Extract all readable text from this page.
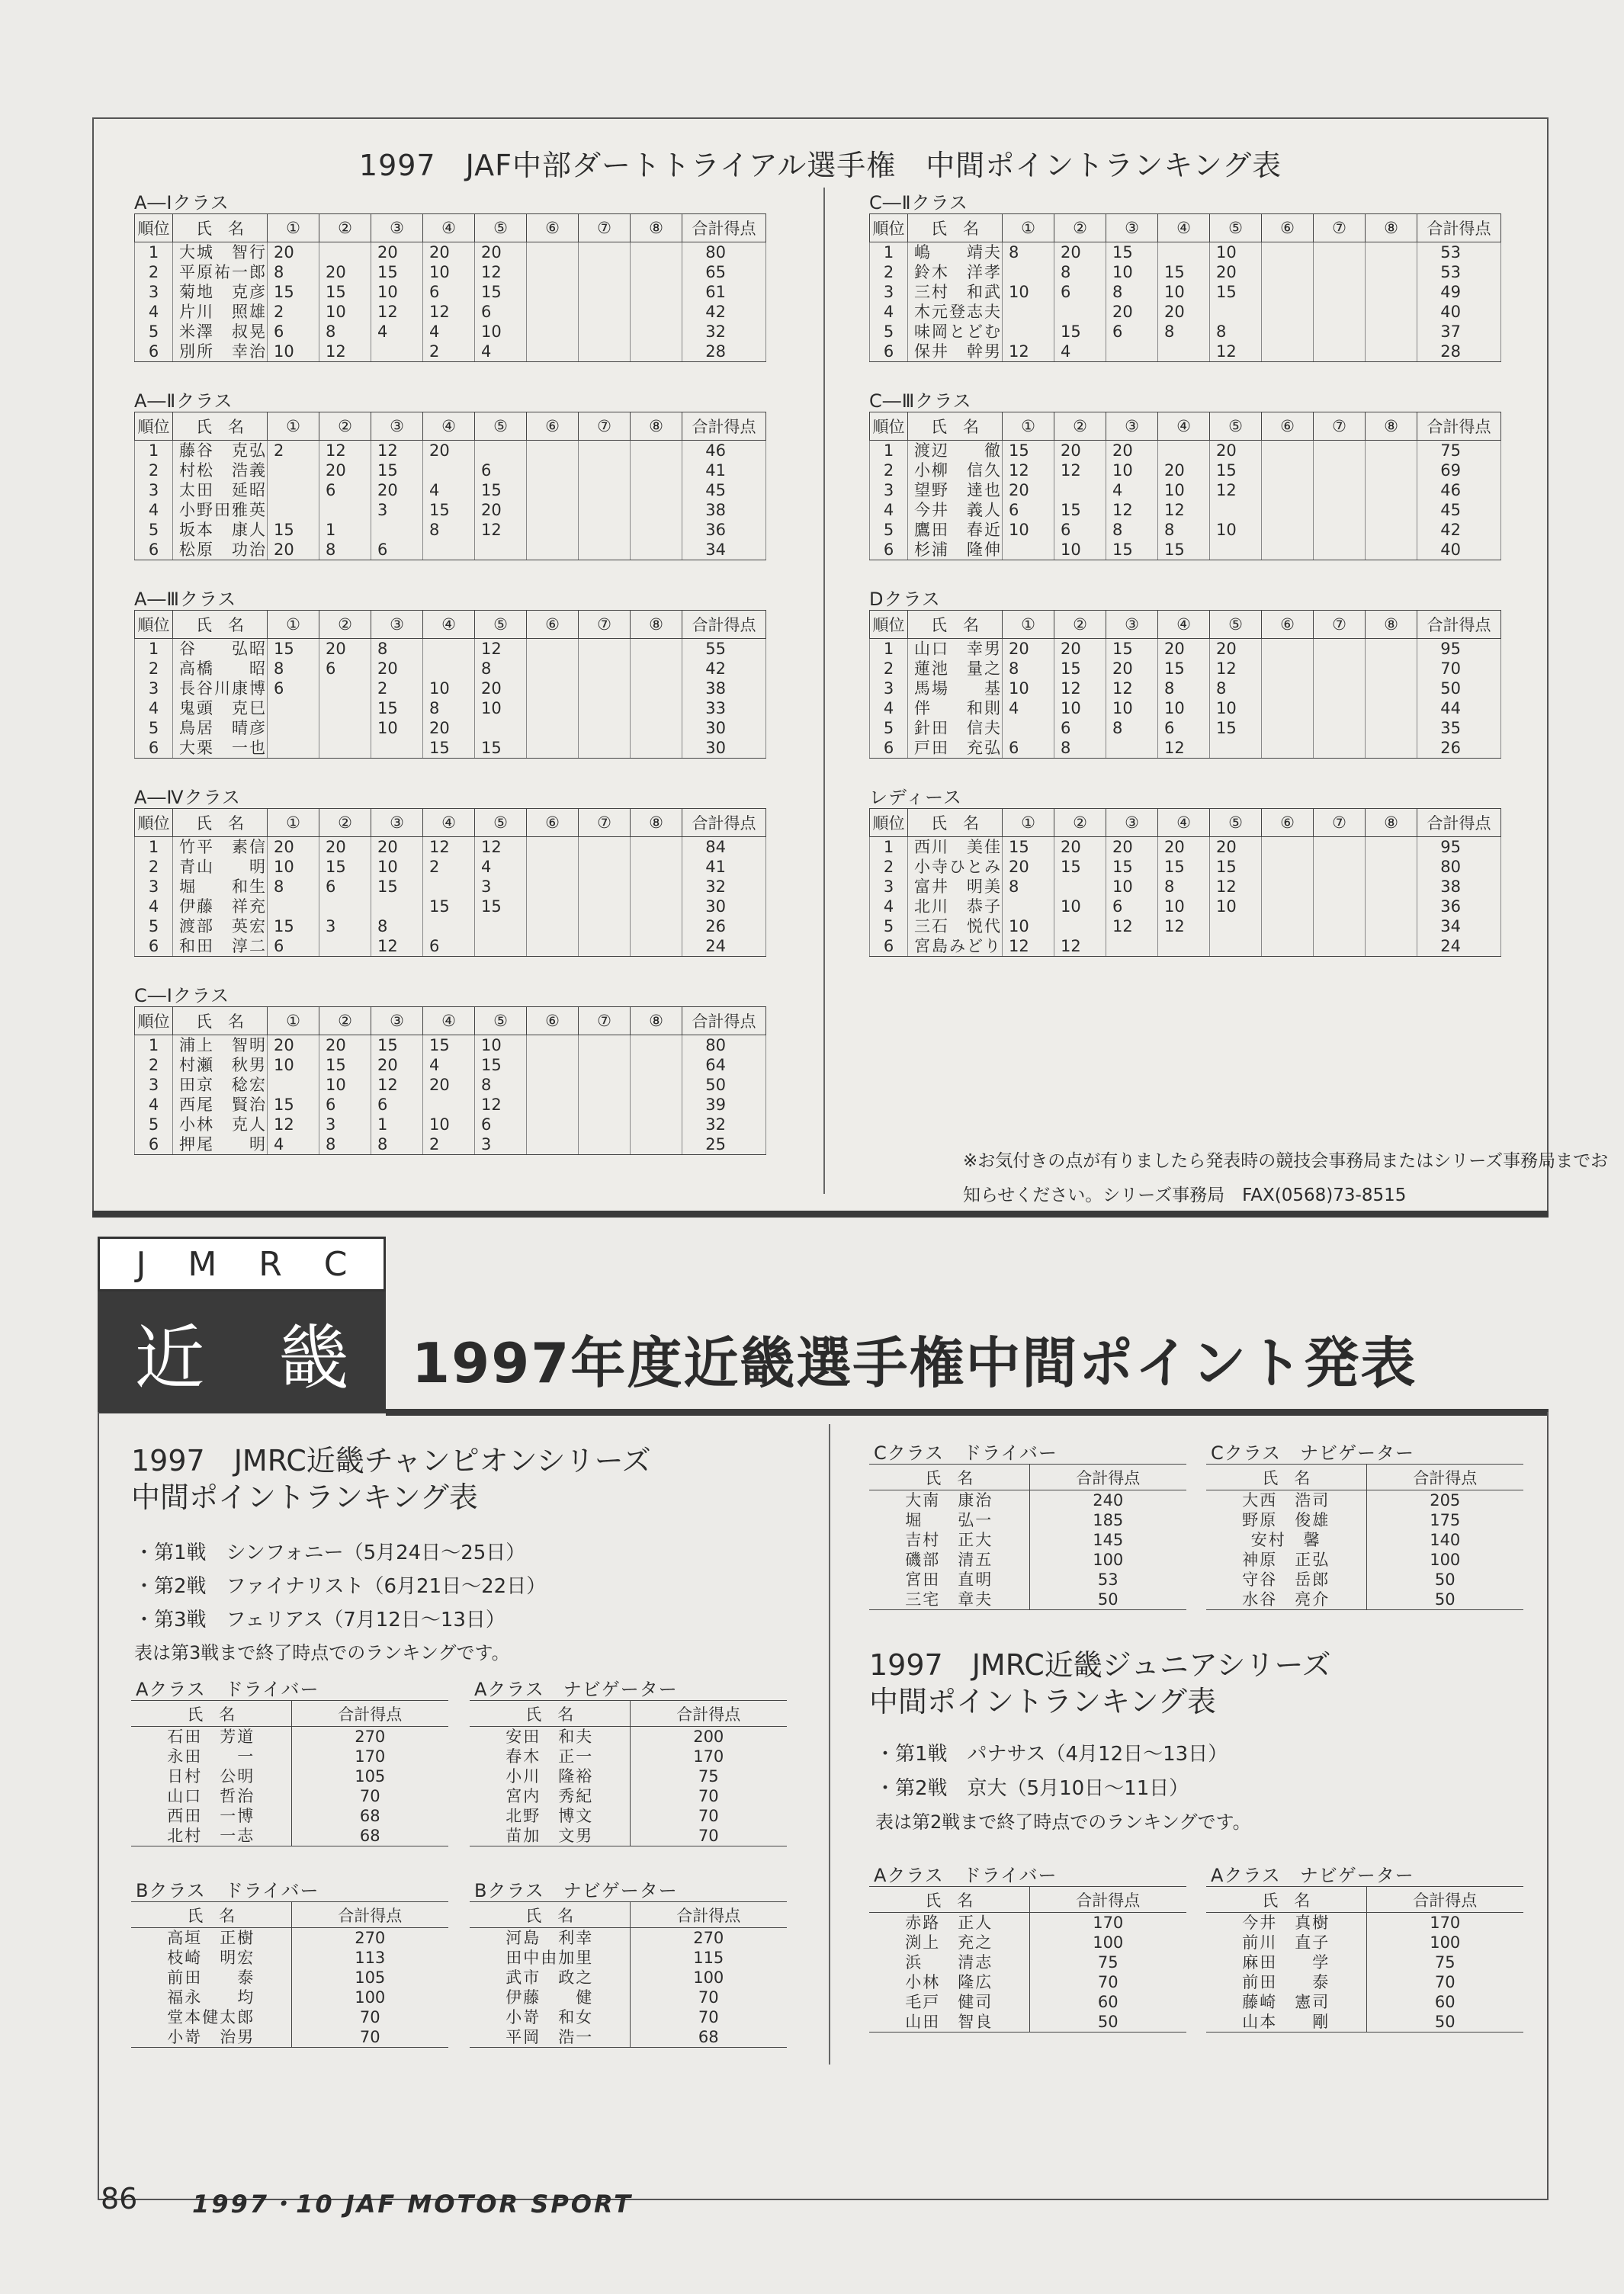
1997　JAF中部ダートトライアル選手権　中間ポイントランキング表
※お気付きの点が有りましたら発表時の競技会事務局またはシリーズ事務局までお知らせください。シリーズ事務局　FAX(0568)73-8515
J M R C
近 畿 1997年度近畿選手権中間ポイント発表
1997　JMRC近畿チャンピオンシリーズ
中間ポイントランキング表
・第1戦　シンフォニー（5月24日〜25日）
・第2戦　ファイナリスト（6月21日〜22日）
・第3戦　フェリアス（7月12日〜13日）
表は第3戦まで終了時点でのランキングです。	1997　JMRC近畿ジュニアシリーズ
中間ポイントランキング表
・第1戦　パナサス（4月12日〜13日）
・第2戦　京大（5月10日〜11日）
表は第2戦まで終了時点でのランキングです。
86 1997・10 JAF MOTOR SPORT
A―Ⅰクラス
順位	氏　名	①	②	③	④	⑤	⑥	⑦	⑧	合計得点
1	大城　智行	20		20	20	20				80
2	平原祐一郎	8	20	15	10	12				65
3	菊地　克彦	15	15	10	6	15				61
4	片川　照雄	2	10	12	12	6				42
5	米澤　叔晃	6	8	4	4	10				32
6	別所　幸治	10	12		2	4				28
A―Ⅱクラス
順位	氏　名	①	②	③	④	⑤	⑥	⑦	⑧	合計得点
1	藤谷　克弘	2	12	12	20					46
2	村松　浩義		20	15		6				41
3	太田　延昭		6	20	4	15				45
4	小野田雅英			3	15	20				38
5	坂本　康人	15	1		8	12				36
6	松原　功治	20	8	6						34
A―Ⅲクラス
順位	氏　名	①	②	③	④	⑤	⑥	⑦	⑧	合計得点
1	谷　　弘昭	15	20	8		12				55
2	高橋　　昭	8	6	20		8				42
3	長谷川康博	6		2	10	20				38
4	鬼頭　克巳			15	8	10				33
5	鳥居　晴彦			10	20					30
6	大栗　一也				15	15				30
A―Ⅳクラス
順位	氏　名	①	②	③	④	⑤	⑥	⑦	⑧	合計得点
1	竹平　素信	20	20	20	12	12				84
2	青山　　明	10	15	10	2	4				41
3	堀　　和生	8	6	15		3				32
4	伊藤　祥充				15	15				30
5	渡部　英宏	15	3	8						26
6	和田　淳二	6		12	6					24
C―Ⅰクラス
順位	氏　名	①	②	③	④	⑤	⑥	⑦	⑧	合計得点
1	浦上　智明	20	20	15	15	10				80
2	村瀬　秋男	10	15	20	4	15				64
3	田京　稔宏		10	12	20	8				50
4	西尾　賢治	15	6	6		12				39
5	小林　克人	12	3	1	10	6				32
6	押尾　　明	4	8	8	2	3				25
C―Ⅱクラス
順位	氏　名	①	②	③	④	⑤	⑥	⑦	⑧	合計得点
1	嶋　　靖夫	8	20	15		10				53
2	鈴木　洋孝		8	10	15	20				53
3	三村　和武	10	6	8	10	15				49
4	木元登志夫			20	20					40
5	味岡とどむ		15	6	8	8				37
6	保井　幹男	12	4			12				28
C―Ⅲクラス
順位	氏　名	①	②	③	④	⑤	⑥	⑦	⑧	合計得点
1	渡辺　　徹	15	20	20		20				75
2	小柳　信久	12	12	10	20	15				69
3	望野　達也	20		4	10	12				46
4	今井　義人	6	15	12	12					45
5	鷹田　春近	10	6	8	8	10				42
6	杉浦　隆伸		10	15	15					40
Dクラス
順位	氏　名	①	②	③	④	⑤	⑥	⑦	⑧	合計得点
1	山口　幸男	20	20	15	20	20				95
2	蓮池　量之	8	15	20	15	12				70
3	馬場　　基	10	12	12	8	8				50
4	伴　　和則	4	10	10	10	10				44
5	針田　信夫		6	8	6	15				35
6	戸田　充弘	6	8		12					26
レディース
順位	氏　名	①	②	③	④	⑤	⑥	⑦	⑧	合計得点
1	西川　美佳	15	20	20	20	20				95
2	小寺ひとみ	20	15	15	15	15				80
3	富井　明美	8		10	8	12				38
4	北川　恭子		10	6	10	10				36
5	三石　悦代	10		12	12					34
6	宮島みどり	12	12							24
Aクラス　ドライバー
氏　名	合計得点
石田　芳道	270
永田　　一	170
日村　公明	105
山口　哲治	70
西田　一博	68
北村　一志	68
Aクラス　ナビゲーター
氏　名	合計得点
安田　和夫	200
春木　正一	170
小川　隆裕	75
宮内　秀紀	70
北野　博文	70
苗加　文男	70
Bクラス　ドライバー
氏　名	合計得点
高垣　正樹	270
枝崎　明宏	113
前田　　泰	105
福永　　均	100
堂本健太郎	70
小嵜　治男	70
Bクラス　ナビゲーター
氏　名	合計得点
河島　利幸	270
田中由加里	115
武市　政之	100
伊藤　　健	70
小嵜　和女	70
平岡　浩一	68
Cクラス　ドライバー
氏　名	合計得点
大南　康治	240
堀　　弘一	185
吉村　正大	145
磯部　清五	100
宮田　直明	53
三宅　章夫	50
Cクラス　ナビゲーター
氏　名	合計得点
大西　浩司	205
野原　俊雄	175
安村　馨	140
神原　正弘	100
守谷　岳郎	50
水谷　亮介	50
Aクラス　ドライバー
氏　名	合計得点
赤路　正人	170
渕上　充之	100
浜　　清志	75
小林　隆広	70
毛戸　健司	60
山田　智良	50
Aクラス　ナビゲーター
氏　名	合計得点
今井　真樹	170
前川　直子	100
麻田　　学	75
前田　　泰	70
藤崎　憲司	60
山本　　剛	50
